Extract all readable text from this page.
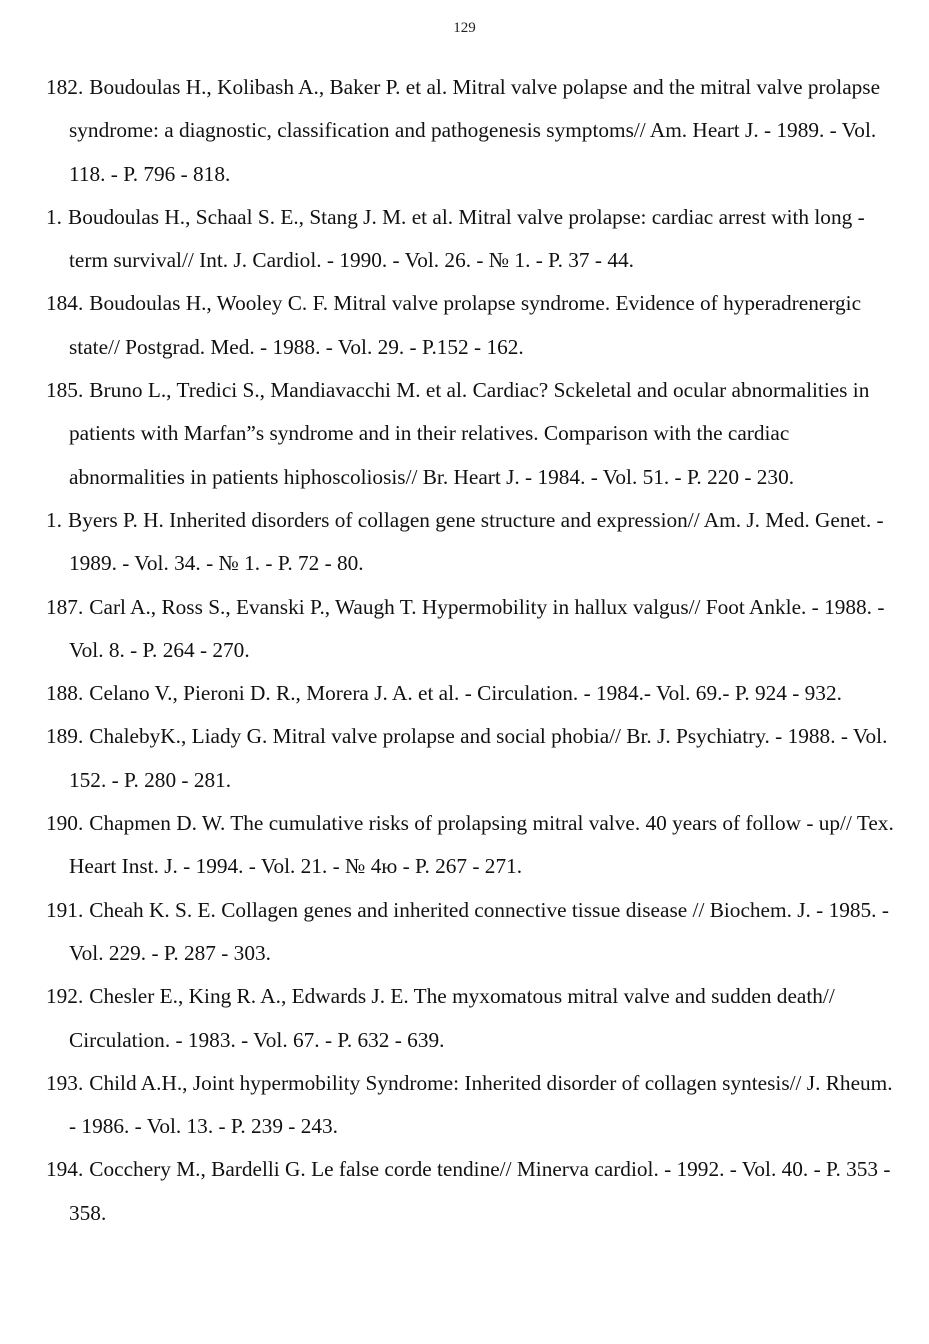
129
182. Boudoulas H., Kolibash A., Baker P. et al. Mitral valve polapse and the mitral valve prolapse syndrome: a diagnostic, classification and pathogenesis symptoms// Am. Heart J. - 1989. - Vol. 118. - P. 796 - 818.
1. Boudoulas H., Schaal S. E., Stang J. M. et al. Mitral valve prolapse: cardiac arrest with long - term survival// Int. J. Cardiol. - 1990. - Vol. 26. - № 1. - P. 37 - 44.
184. Boudoulas H., Wooley C. F. Mitral valve prolapse syndrome. Evidence of hyperadrenergic state// Postgrad. Med. - 1988. - Vol. 29. - P.152 - 162.
185. Bruno L., Tredici S., Mandiavacchi M. et al. Cardiac? Sckeletal and ocular abnormalities in patients with Marfan”s syndrome and in their relatives. Comparison with the cardiac abnormalities in patients hiphoscoliosis// Br. Heart J. - 1984. - Vol. 51. - P. 220 - 230.
1. Byers P. H. Inherited disorders of collagen gene structure and expression// Am. J. Med. Genet. - 1989. - Vol. 34. - № 1. - P. 72 - 80.
187. Carl A., Ross S., Evanski P., Waugh T. Hypermobility in hallux valgus// Foot Ankle. - 1988. - Vol. 8. - P. 264 - 270.
188. Celano V., Pieroni D. R., Morera J. A. et al. - Circulation. - 1984.- Vol. 69.- P. 924 - 932.
189. ChalebyK., Liady G. Mitral valve prolapse and social phobia// Br. J. Psychiatry. - 1988. - Vol. 152. - P. 280 - 281.
190. Chapmen D. W. The cumulative risks of prolapsing mitral valve. 40 years of follow - up// Tex. Heart Inst. J. - 1994. - Vol. 21. - № 4ю - P. 267 - 271.
191. Cheah K. S. E. Collagen genes and inherited connective tissue disease // Biochem. J. - 1985. - Vol. 229. - P. 287 - 303.
192. Chesler E., King R. A., Edwards J. E. The myxomatous mitral valve and sudden death// Circulation. - 1983. - Vol. 67. - P. 632 - 639.
193. Child A.H., Joint hypermobility Syndrome: Inherited disorder of collagen syntesis// J. Rheum. - 1986. - Vol. 13. - P. 239 - 243.
194. Cocchery M., Bardelli G. Le false corde tendine// Minerva cardiol. - 1992. - Vol. 40. - P. 353 - 358.
